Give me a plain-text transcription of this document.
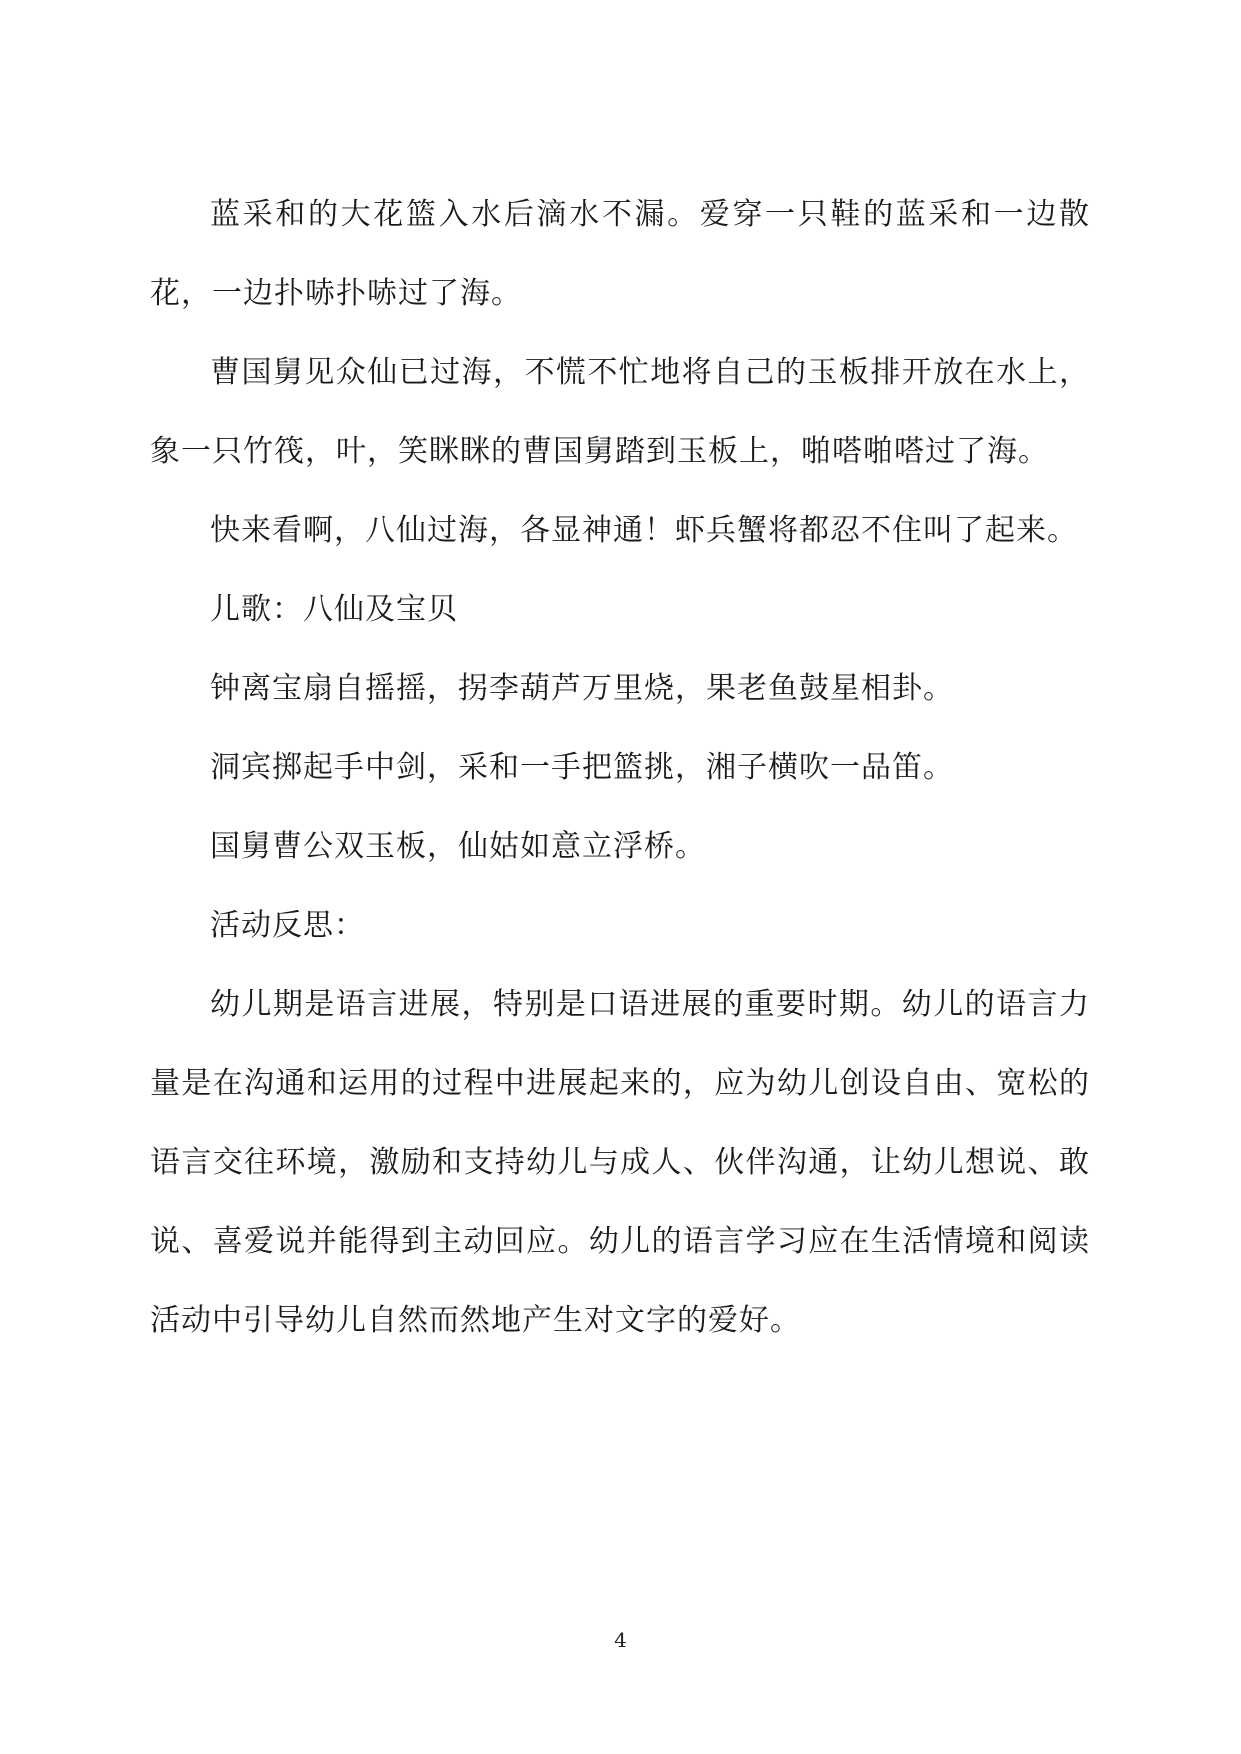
蓝采和的大花篮入水后滴水不漏。爱穿一只鞋的蓝采和一边散花，一边扑哧扑哧过了海。

曹国舅见众仙已过海，不慌不忙地将自己的玉板排开放在水上，象一只竹筏，叶，笑眯眯的曹国舅踏到玉板上，啪嗒啪嗒过了海。

快来看啊，八仙过海，各显神通！虾兵蟹将都忍不住叫了起来。

儿歌：八仙及宝贝

钟离宝扇自摇摇，拐李葫芦万里烧，果老鱼鼓星相卦。

洞宾掷起手中剑，采和一手把篮挑，湘子横吹一品笛。

国舅曹公双玉板，仙姑如意立浮桥。

活动反思：

幼儿期是语言进展，特别是口语进展的重要时期。幼儿的语言力量是在沟通和运用的过程中进展起来的，应为幼儿创设自由、宽松的语言交往环境，激励和支持幼儿与成人、伙伴沟通，让幼儿想说、敢说、喜爱说并能得到主动回应。幼儿的语言学习应在生活情境和阅读活动中引导幼儿自然而然地产生对文字的爱好。

4
